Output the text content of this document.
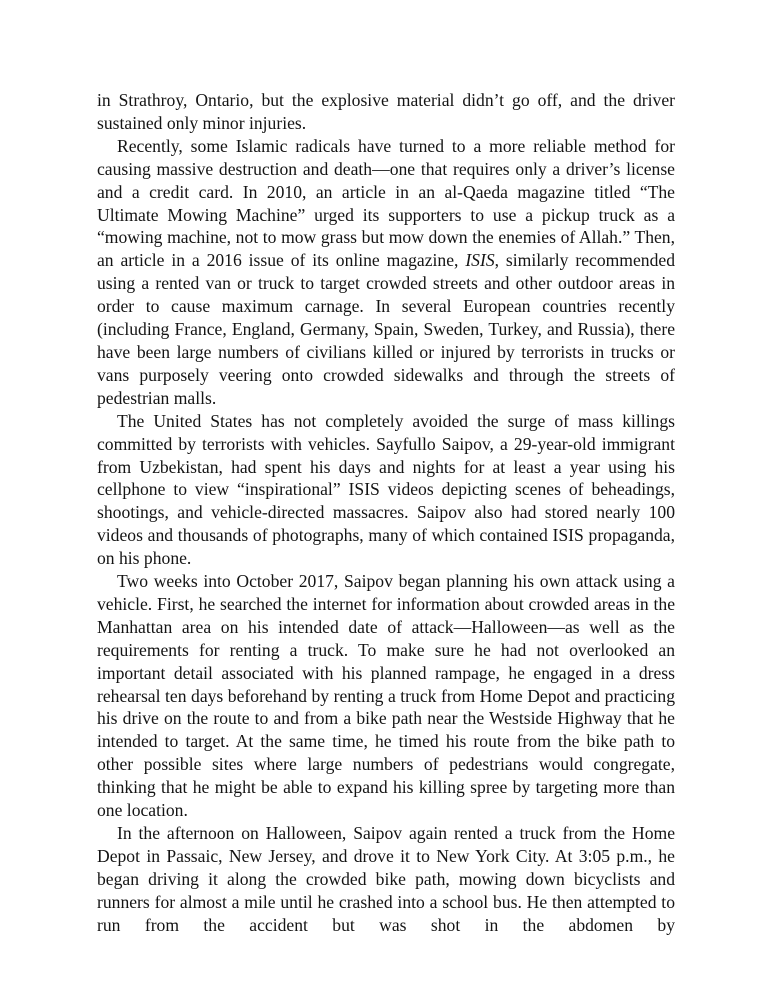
in Strathroy, Ontario, but the explosive material didn’t go off, and the driver sustained only minor injuries.

Recently, some Islamic radicals have turned to a more reliable method for causing massive destruction and death—one that requires only a driver’s license and a credit card. In 2010, an article in an al-Qaeda magazine titled “The Ultimate Mowing Machine” urged its supporters to use a pickup truck as a “mowing machine, not to mow grass but mow down the enemies of Allah.” Then, an article in a 2016 issue of its online magazine, ISIS, similarly recommended using a rented van or truck to target crowded streets and other outdoor areas in order to cause maximum carnage. In several European countries recently (including France, England, Germany, Spain, Sweden, Turkey, and Russia), there have been large numbers of civilians killed or injured by terrorists in trucks or vans purposely veering onto crowded sidewalks and through the streets of pedestrian malls.

The United States has not completely avoided the surge of mass killings committed by terrorists with vehicles. Sayfullo Saipov, a 29-year-old immigrant from Uzbekistan, had spent his days and nights for at least a year using his cellphone to view “inspirational” ISIS videos depicting scenes of beheadings, shootings, and vehicle-directed massacres. Saipov also had stored nearly 100 videos and thousands of photographs, many of which contained ISIS propaganda, on his phone.

Two weeks into October 2017, Saipov began planning his own attack using a vehicle. First, he searched the internet for information about crowded areas in the Manhattan area on his intended date of attack—Halloween—as well as the requirements for renting a truck. To make sure he had not overlooked an important detail associated with his planned rampage, he engaged in a dress rehearsal ten days beforehand by renting a truck from Home Depot and practicing his drive on the route to and from a bike path near the Westside Highway that he intended to target. At the same time, he timed his route from the bike path to other possible sites where large numbers of pedestrians would congregate, thinking that he might be able to expand his killing spree by targeting more than one location.

In the afternoon on Halloween, Saipov again rented a truck from the Home Depot in Passaic, New Jersey, and drove it to New York City. At 3:05 p.m., he began driving it along the crowded bike path, mowing down bicyclists and runners for almost a mile until he crashed into a school bus. He then attempted to run from the accident but was shot in the abdomen by
